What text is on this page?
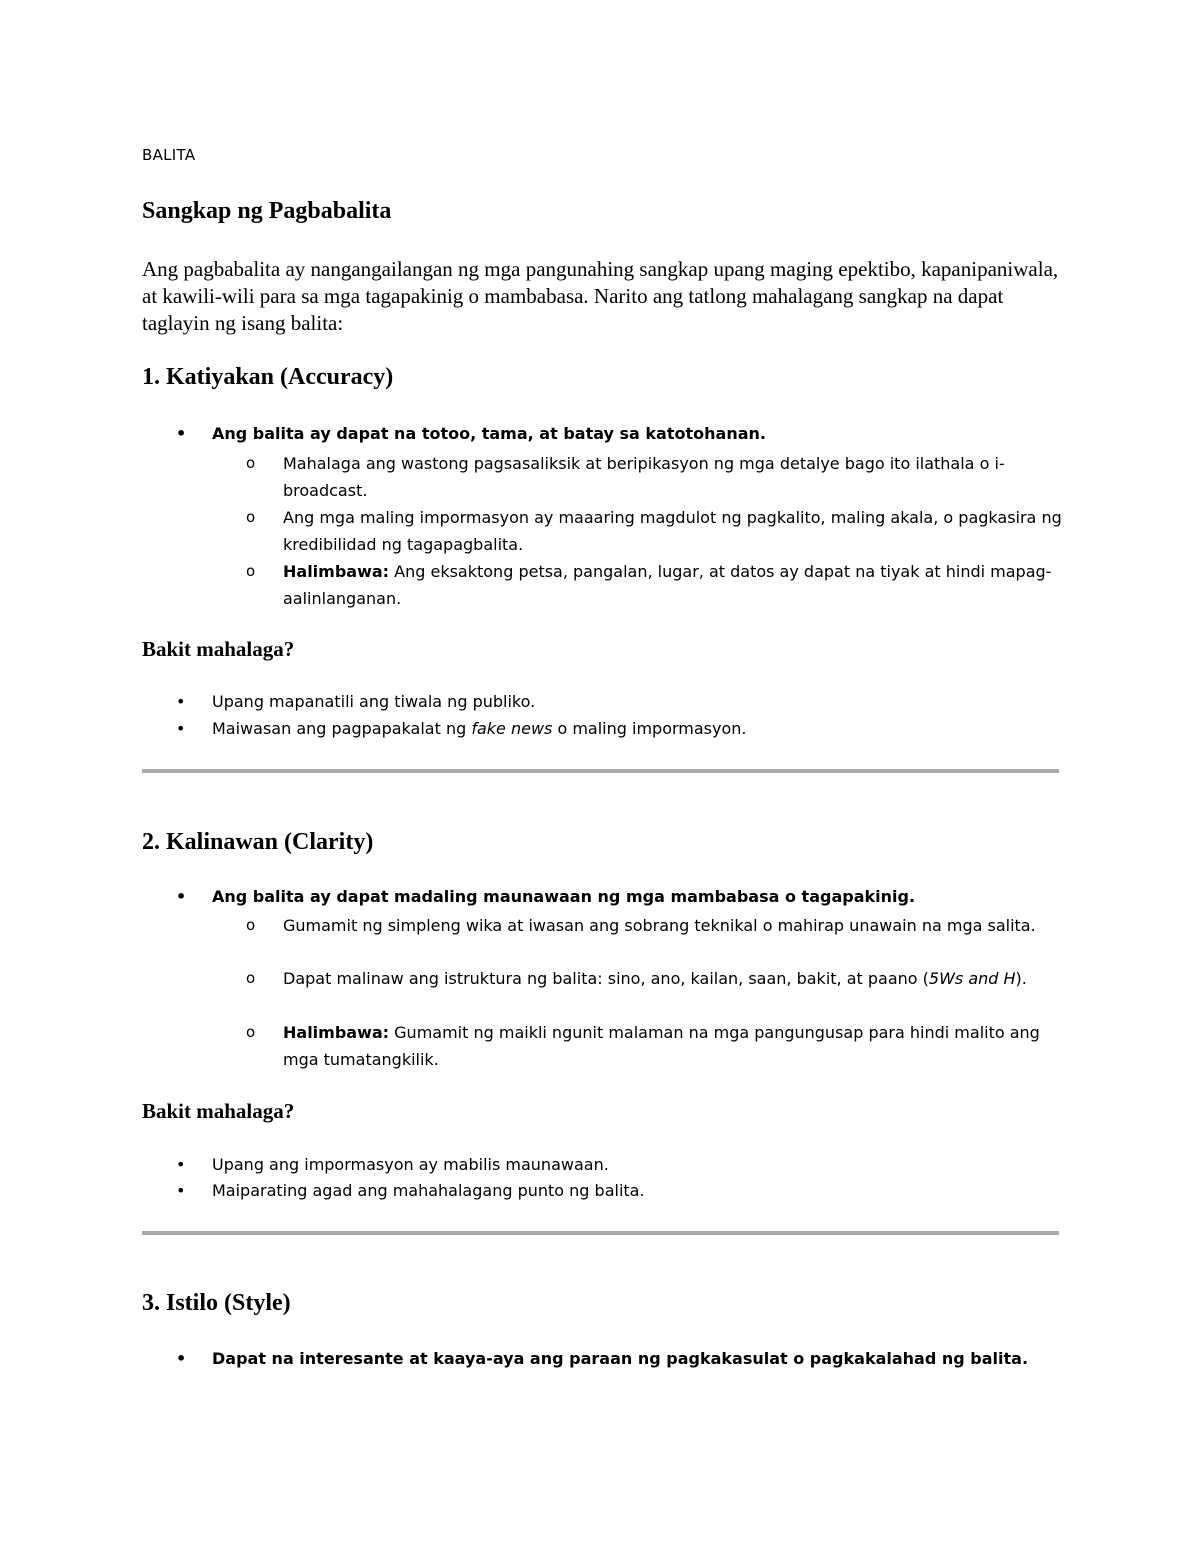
BALITA
Sangkap ng Pagbabalita

Ang pagbabalita ay nangangailangan ng mga pangunahing sangkap upang maging epektibo, kapanipaniwala, at kawili-wili para sa mga tagapakinig o mambabasa. Narito ang tatlong mahalagang sangkap na dapat taglayin ng isang balita:

1. Katiyakan (Accuracy)

• Ang balita ay dapat na totoo, tama, at batay sa katotohanan.

o Mahalaga ang wastong pagsasaliksik at beripikasyon ng mga detalye bago ito ilathala o i-broadcast.

o Ang mga maling impormasyon ay maaaring magdulot ng pagkalito, maling akala, o pagkasira ng kredibilidad ng tagapagbalita.

o Halimbawa: Ang eksaktong petsa, pangalan, lugar, at datos ay dapat na tiyak at hindi mapag-aalinlanganan.

Bakit mahalaga?

• Upang mapanatili ang tiwala ng publiko.

• Maiwasan ang pagpapakalat ng fake news o maling impormasyon.

2. Kalinawan (Clarity)

• Ang balita ay dapat madaling maunawaan ng mga mambabasa o tagapakinig.

o Gumamit ng simpleng wika at iwasan ang sobrang teknikal o mahirap unawain na mga salita.

o Dapat malinaw ang istruktura ng balita: sino, ano, kailan, saan, bakit, at paano (5Ws and H).

o Halimbawa: Gumamit ng maikli ngunit malaman na mga pangungusap para hindi malito ang mga tumatangkilik.

Bakit mahalaga?

• Upang ang impormasyon ay mabilis maunawaan.

• Maiparating agad ang mahahalagang punto ng balita.

3. Istilo (Style)

• Dapat na interesante at kaaya-aya ang paraan ng pagkakasulat o pagkakalahad ng balita.
